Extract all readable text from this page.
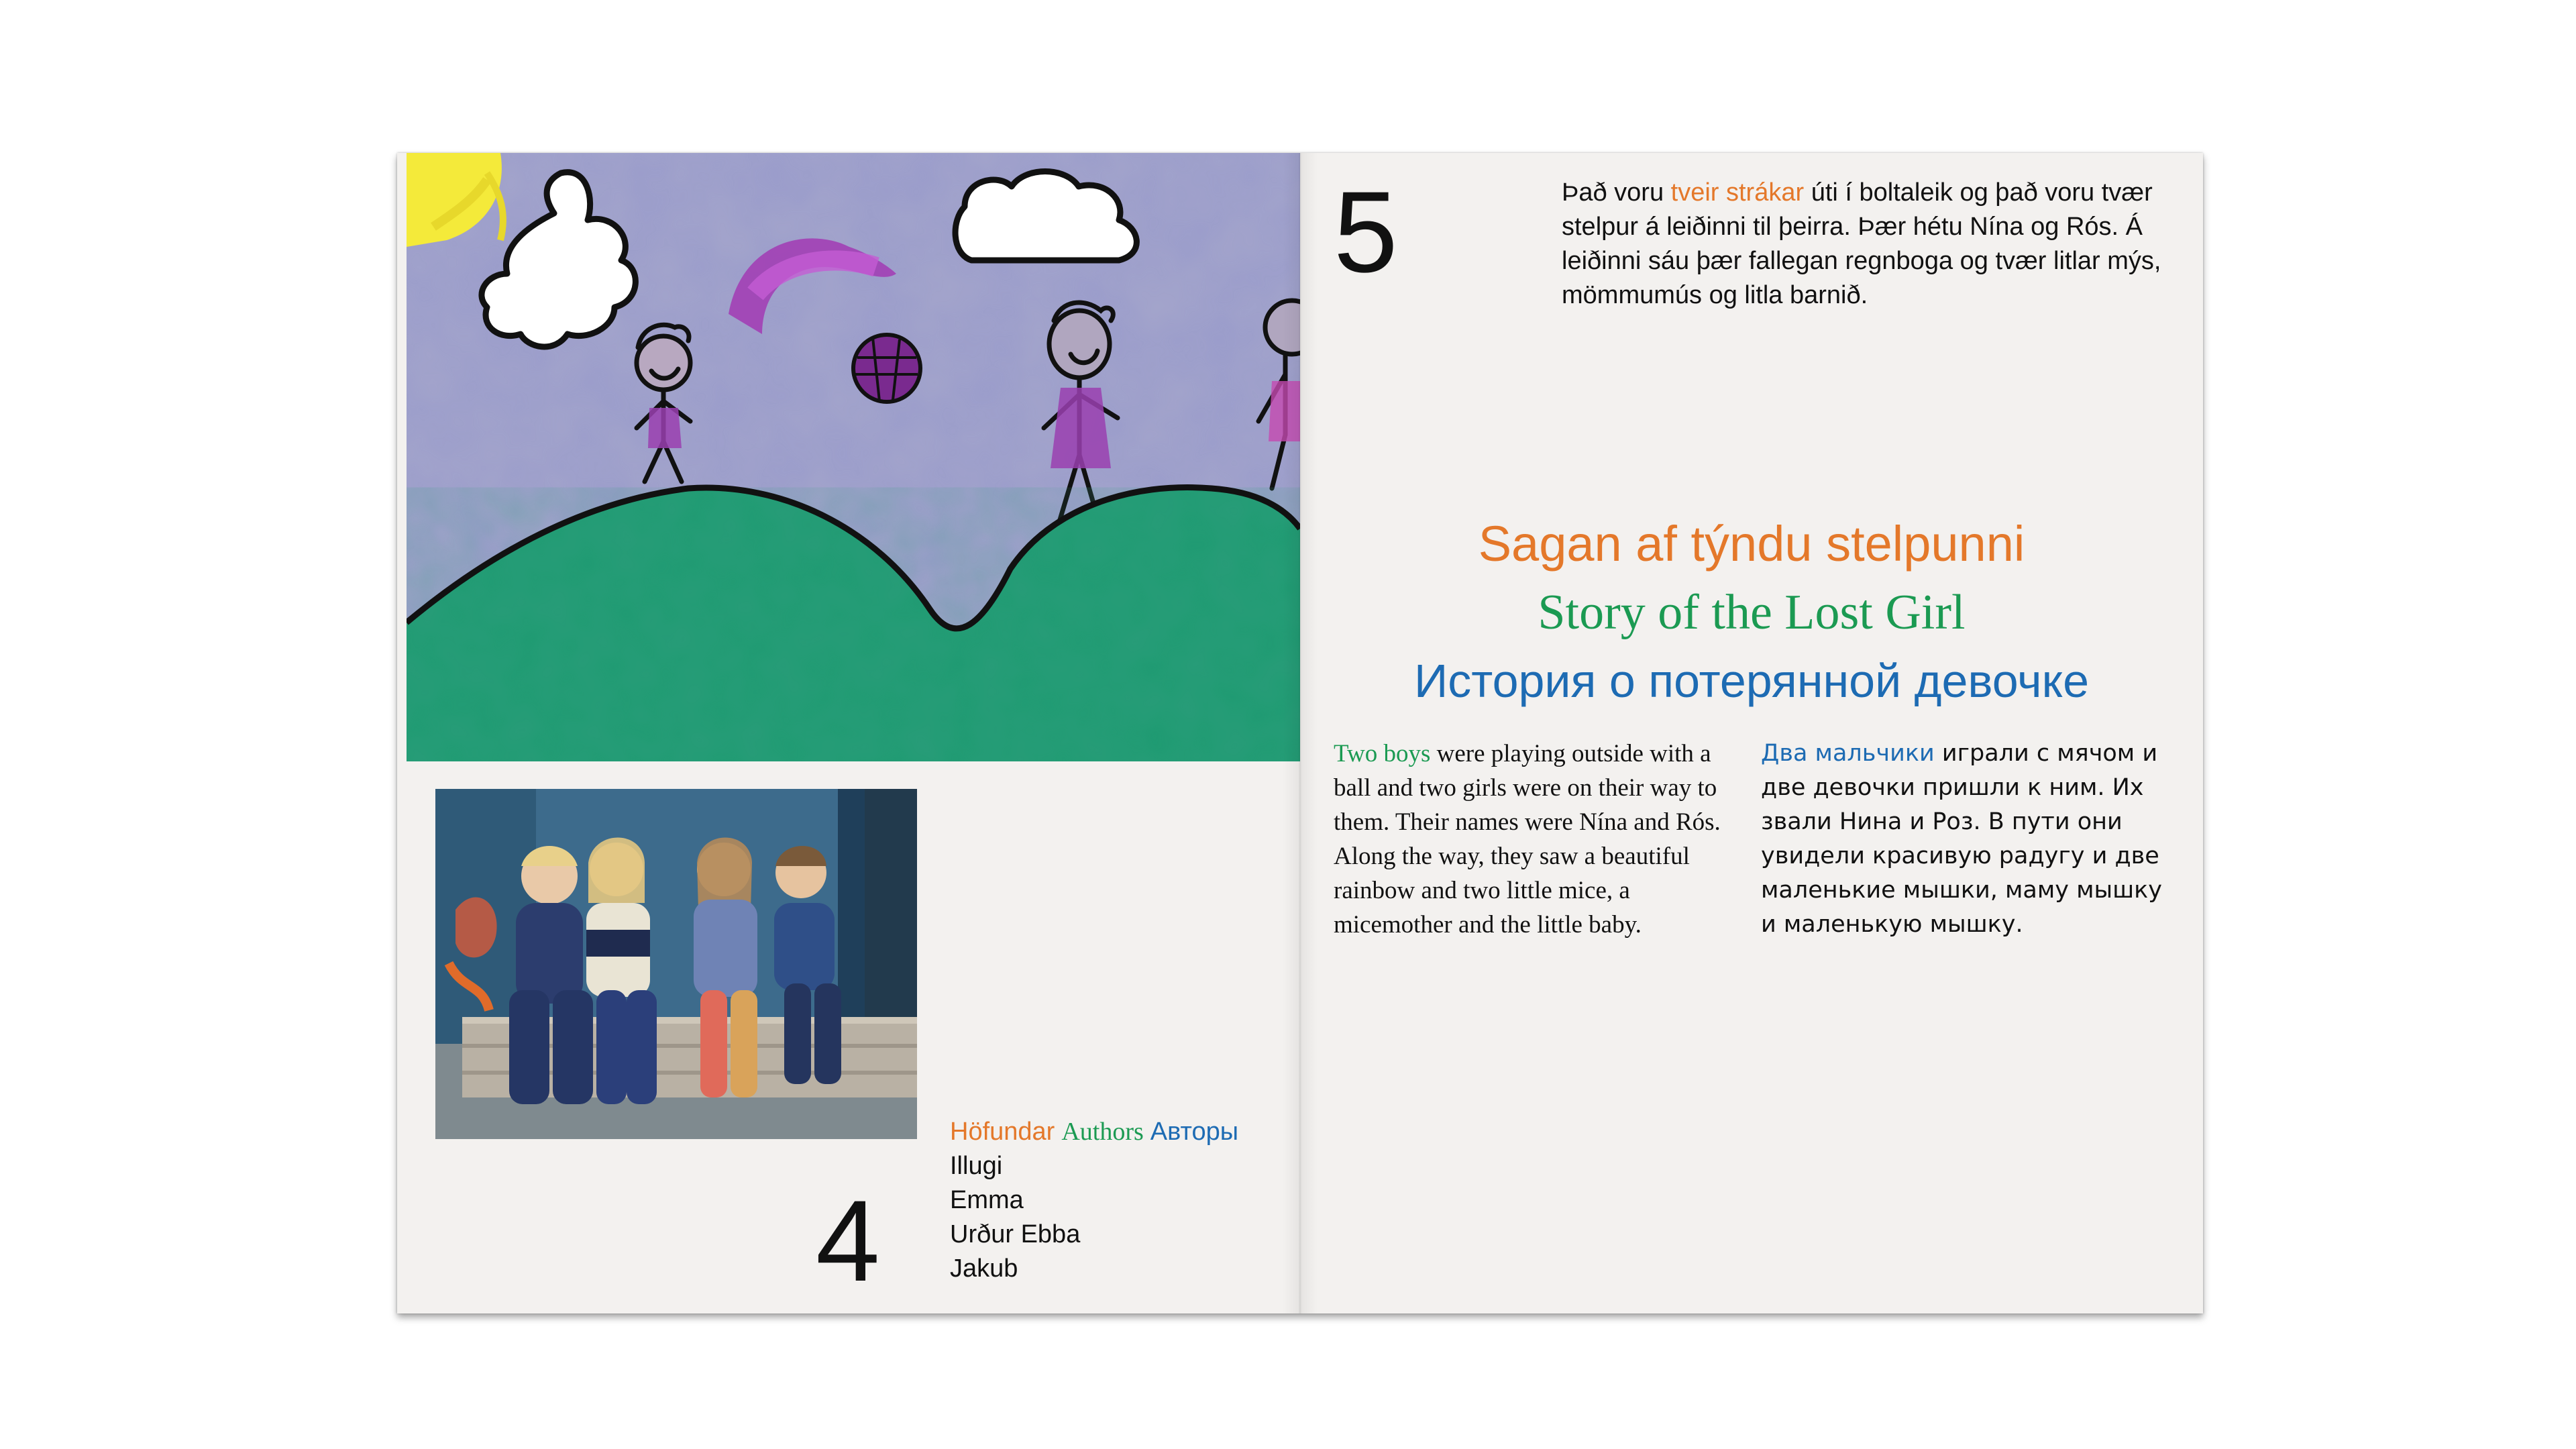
4
Höfundar Authors Авторы
Illugi
Emma
Urður Ebba
Jakub
5	Það voru tveir strákar úti í boltaleik og það voru tvær stelpur á leiðinni til þeirra. Þær hétu Nína og Rós. Á leiðinni sáu þær fallegan regnboga og tvær litlar mýs, mömmumús og litla barnið.
Sagan af týndu stelpunni
Story of the Lost Girl
История о потерянной девочке
Two boys were playing outside with a ball and two girls were on their way to them. Their names were Nína and Rós. Along the way, they saw a beautiful rainbow and two little mice, a micemother and the little baby.
Два мальчики играли с мячом и две девочки пришли к ним. Их звали Нина и Роз. В пути они увидели красивую радугу и две маленькие мышки, маму мышку и маленькую мышку.
